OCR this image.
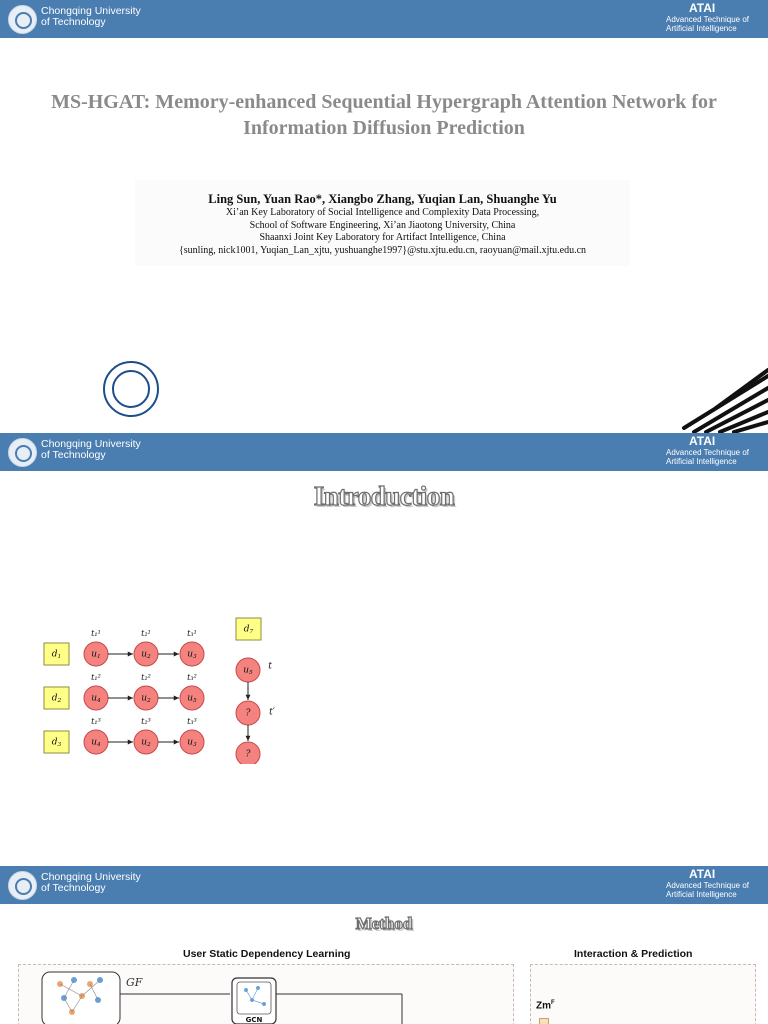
Chongqing University
of Technology
ATAI
Advanced Technique of
Artificial Intelligence
MS-HGAT: Memory-enhanced Sequential Hypergraph Attention Network for
Information Diffusion Prediction
Ling Sun, Yuan Rao*, Xiangbo Zhang, Yuqian Lan, Shuanghe Yu
Xi’an Key Laboratory of Social Intelligence and Complexity Data Processing,
School of Software Engineering, Xi’an Jiaotong University, China
Shaanxi Joint Key Laboratory for Artifact Intelligence, China
{sunling, nick1001, Yuqian_Lan_xjtu, yushuanghe1997}@stu.xjtu.edu.cn, raoyuan@mail.xjtu.edu.cn
Chongqing University
of Technology
ATAI
Advanced Technique of
Artificial Intelligence
Introduction
$d_1$	$u_1$
t₁¹
$u_2$
t₂¹
$u_3$
t₃¹
$d_2$	$u_4$
t₁²
$u_2$
t₂²
$u_5$
t₃²
$d_3$	$u_4$
t₁³
$u_2$
t₂³
$u_3$
t₃³
$d_7$
$u_5$
?
?
t
t′
Chongqing University
of Technology
ATAI
Advanced Technique of
Artificial Intelligence
Method
User Static Dependency Learning	Interaction & Prediction
GF
GCN
$Zm^F$
